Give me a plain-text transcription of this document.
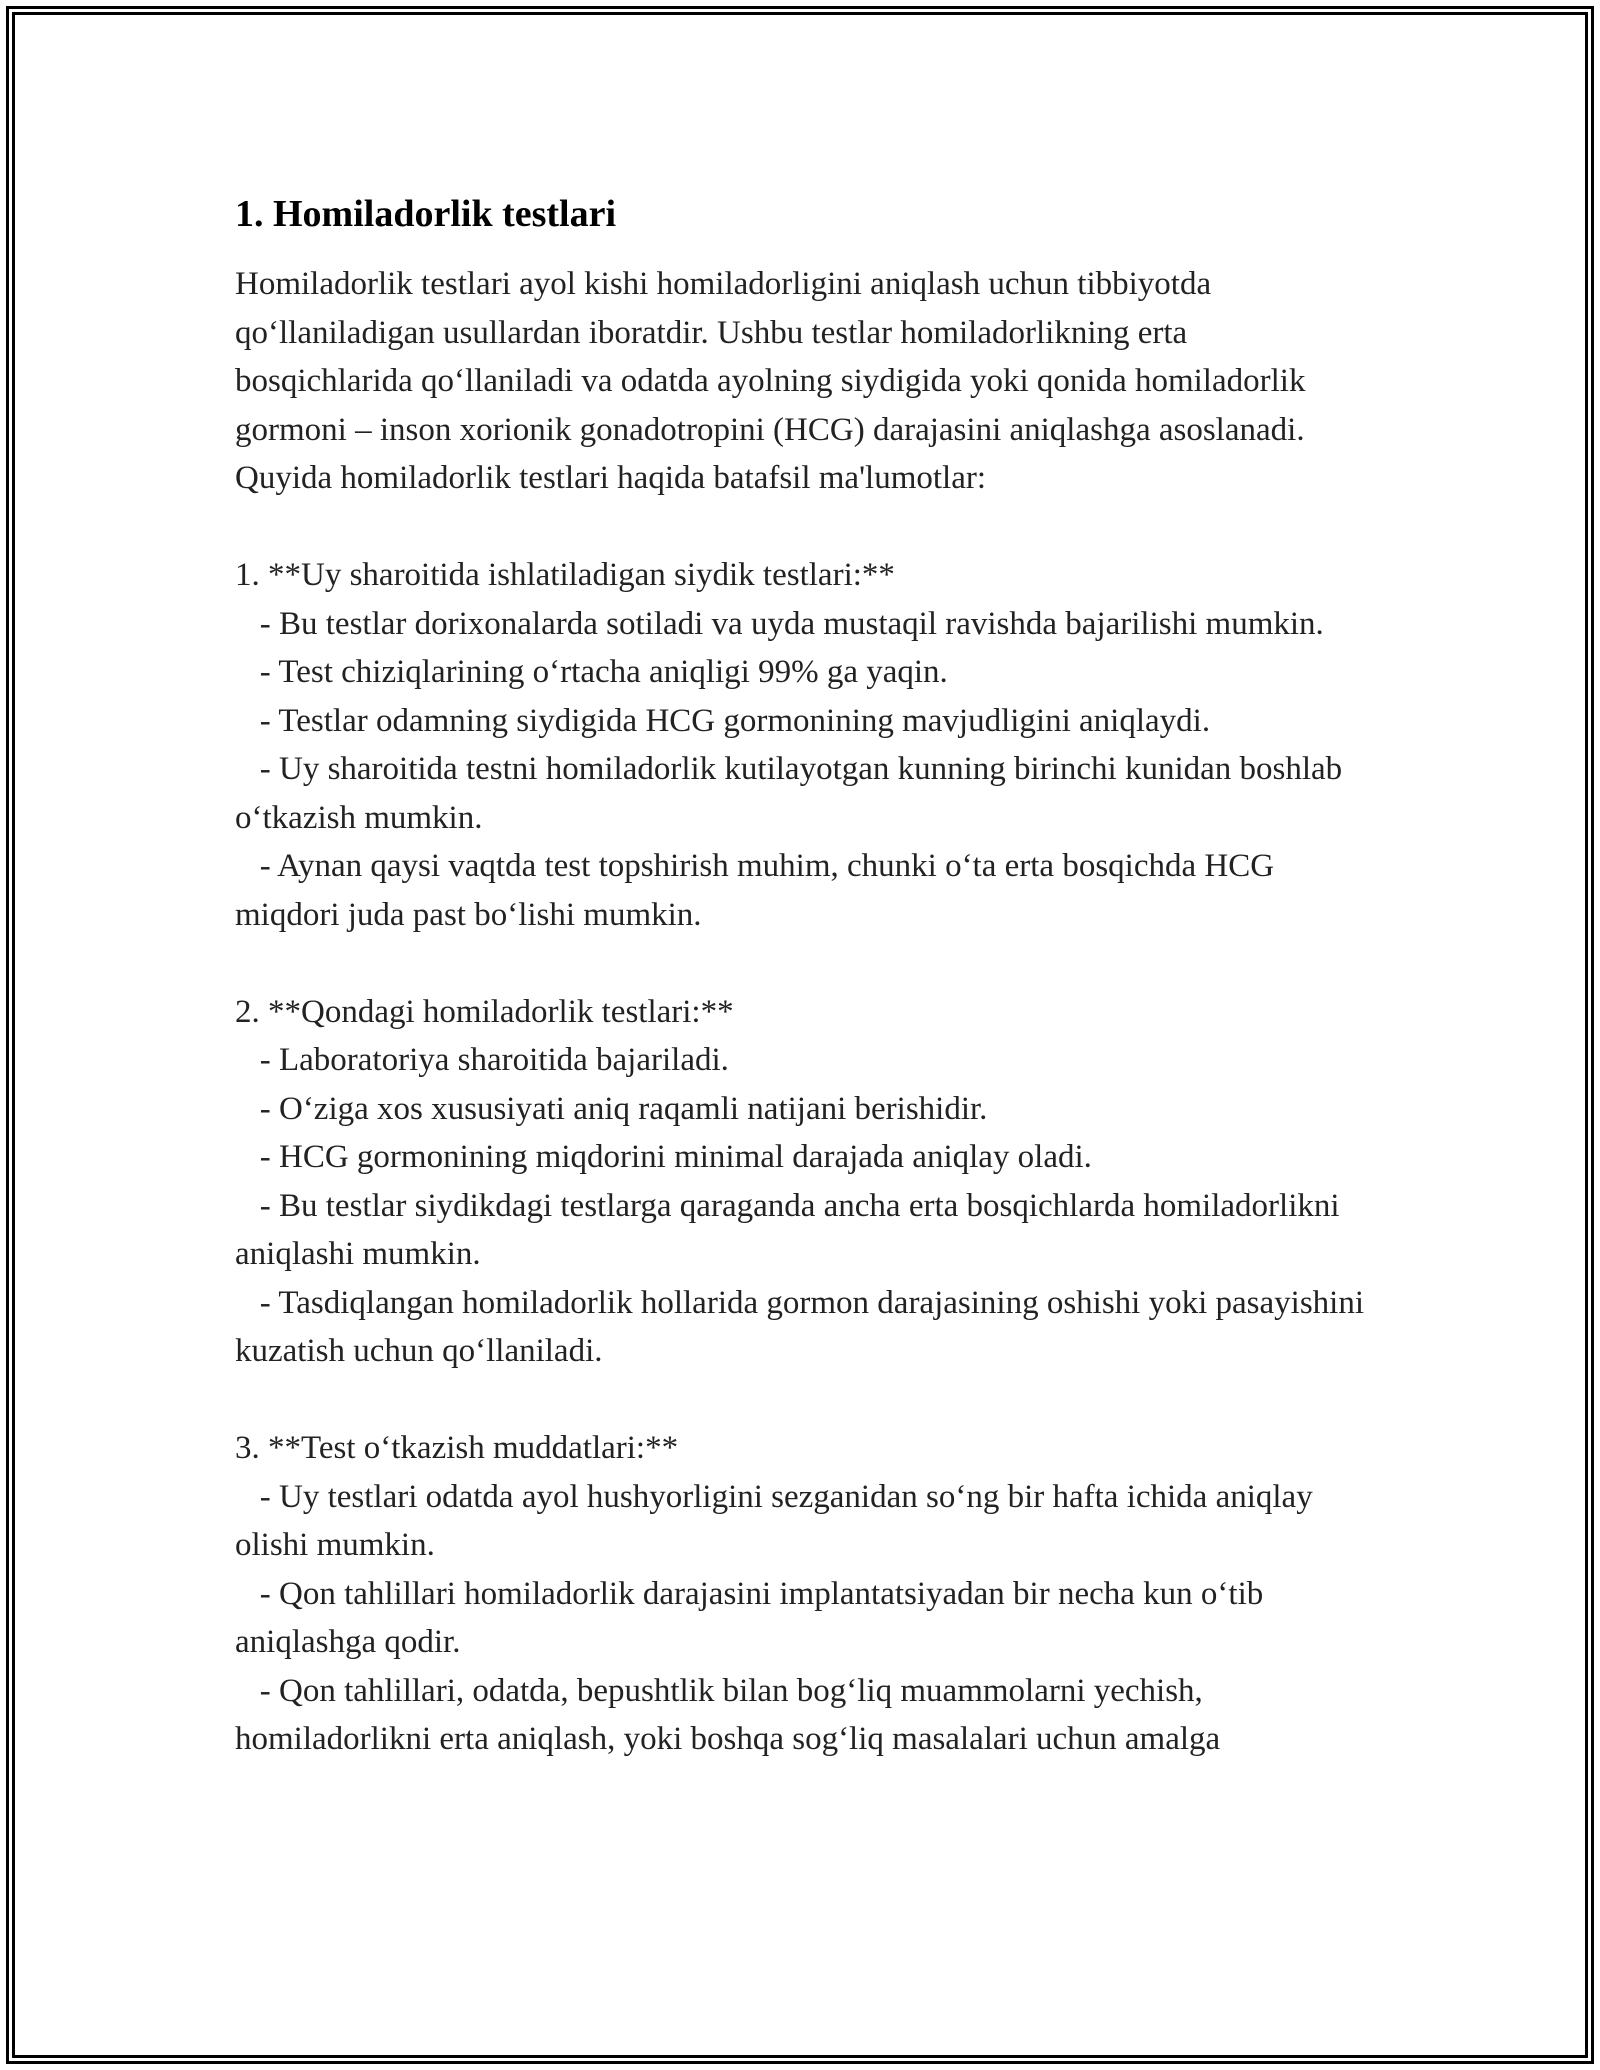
1. Homiladorlik testlari

Homiladorlik testlari ayol kishi homiladorligini aniqlash uchun tibbiyotda qo‘llaniladigan usullardan iboratdir. Ushbu testlar homiladorlikning erta bosqichlarida qo‘llaniladi va odatda ayolning siydigida yoki qonida homiladorlik gormoni – inson xorionik gonadotropini (HCG) darajasini aniqlashga asoslanadi. Quyida homiladorlik testlari haqida batafsil ma'lumotlar:

1. **Uy sharoitida ishlatiladigan siydik testlari:**
- Bu testlar dorixonalarda sotiladi va uyda mustaqil ravishda bajarilishi mumkin.
- Test chiziqlarining o‘rtacha aniqligi 99% ga yaqin.
- Testlar odamning siydigida HCG gormonining mavjudligini aniqlaydi.
- Uy sharoitida testni homiladorlik kutilayotgan kunning birinchi kunidan boshlab o‘tkazish mumkin.
- Aynan qaysi vaqtda test topshirish muhim, chunki o‘ta erta bosqichda HCG miqdori juda past bo‘lishi mumkin.

2. **Qondagi homiladorlik testlari:**
- Laboratoriya sharoitida bajariladi.
- O‘ziga xos xususiyati aniq raqamli natijani berishidir.
- HCG gormonining miqdorini minimal darajada aniqlay oladi.
- Bu testlar siydikdagi testlarga qaraganda ancha erta bosqichlarda homiladorlikni aniqlashi mumkin.
- Tasdiqlangan homiladorlik hollarida gormon darajasining oshishi yoki pasayishini kuzatish uchun qo‘llaniladi.

3. **Test o‘tkazish muddatlari:**
- Uy testlari odatda ayol hushyorligini sezganidan so‘ng bir hafta ichida aniqlay olishi mumkin.
- Qon tahlillari homiladorlik darajasini implantatsiyadan bir necha kun o‘tib aniqlashga qodir.
- Qon tahlillari, odatda, bepushtlik bilan bog‘liq muammolarni yechish, homiladorlikni erta aniqlash, yoki boshqa sog‘liq masalalari uchun amalga
